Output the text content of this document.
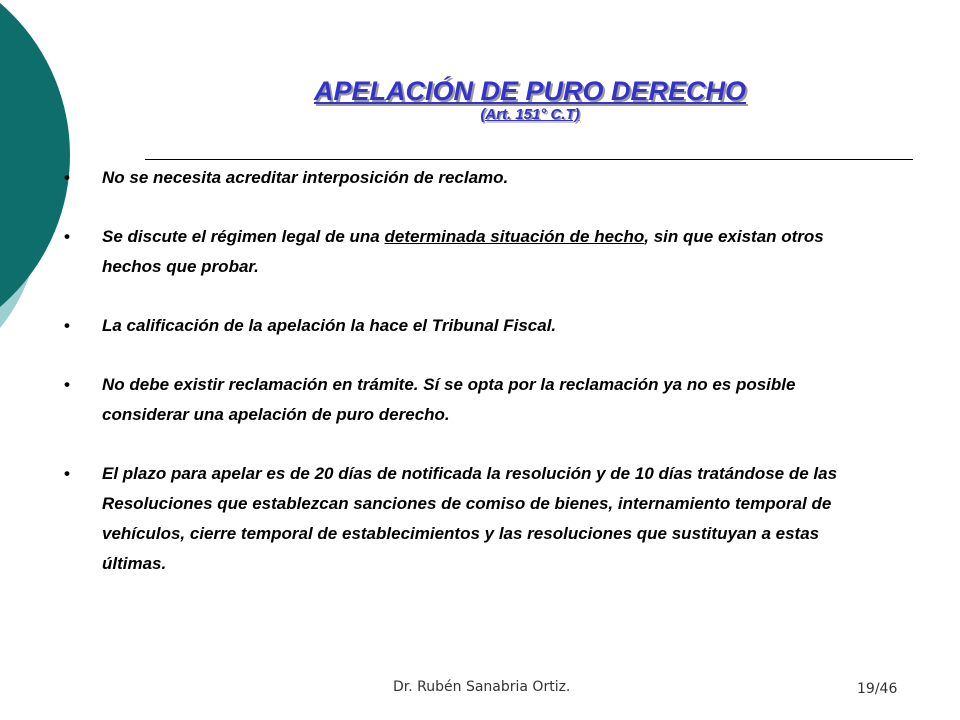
APELACIÓN DE PURO DERECHO
(Art. 151° C.T)
• No se necesita acreditar interposición de reclamo.
• Se discute el régimen legal de una determinada situación de hecho, sin que existan otros hechos que probar.
• La calificación de la apelación la hace el Tribunal Fiscal.
• No debe existir reclamación en trámite. Sí se opta por la reclamación ya no es posible considerar una apelación de puro derecho.
• El plazo para apelar es de 20 días de notificada la resolución y de 10 días tratándose de las Resoluciones que establezcan sanciones de comiso de bienes, internamiento temporal de vehículos, cierre temporal de establecimientos y las resoluciones que sustituyan a estas últimas.
Dr. Rubén Sanabria Ortiz.	19/46
